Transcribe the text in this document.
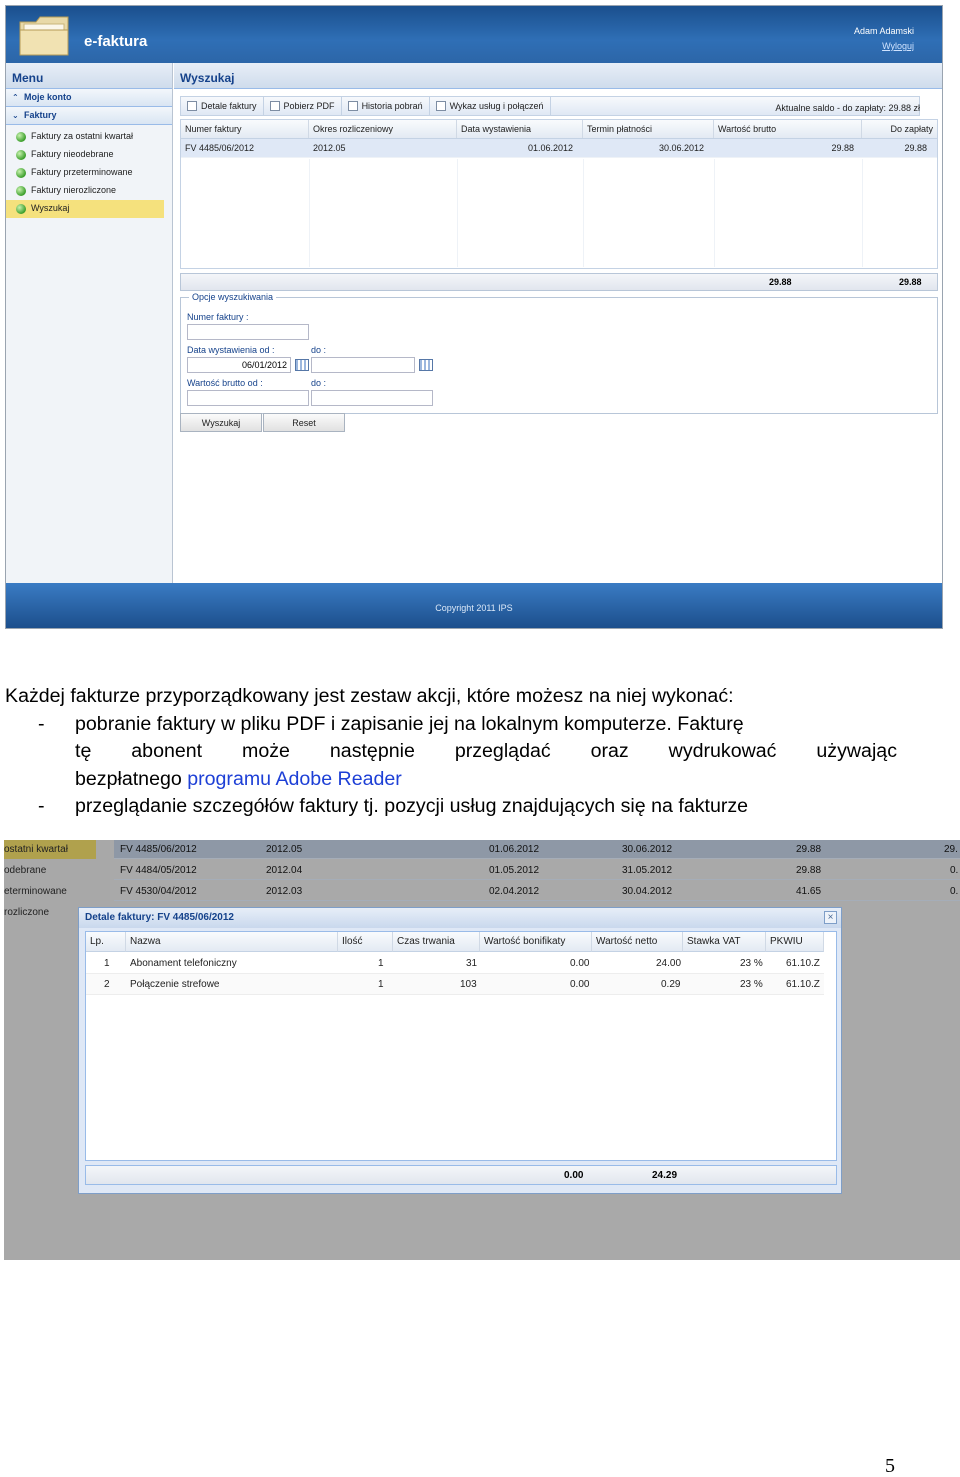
e-faktura
Adam Adamski
Wyloguj
Menu
⌃ Moje konto
⌄ Faktury
Faktury za ostatni kwartał
Faktury nieodebrane
Faktury przeterminowane
Faktury nierozliczone
Wyszukaj
Wyszukaj
Detale faktury	Pobierz PDF	Historia pobrań	Wykaz usług i połączeń	Aktualne saldo - do zapłaty: 29.88 zł
Numer faktury	Okres rozliczeniowy	Data wystawienia	Termin płatności	Wartość brutto	Do zapłaty
FV 4485/06/2012	2012.05	01.06.2012	30.06.2012	29.88	29.88
29.88	29.88
Opcje wyszukiwania
Numer faktury :
Data wystawienia od :
06/01/2012	do :
Wartość brutto od :	do :
Wyszukaj	Reset
Copyright 2011 IPS
Każdej fakturze przyporządkowany jest zestaw akcji, które możesz na niej wykonać:
- pobranie faktury w pliku PDF i zapisanie jej na lokalnym komputerze. Fakturę
tę abonent może następnie przeglądać oraz wydrukować używając
bezpłatnego programu Adobe Reader
- przeglądanie szczegółów faktury tj. pozycji usług znajdujących się na fakturze
ostatni kwartał
odebrane
eterminowane
rozliczone
FV 4485/06/2012	2012.05	01.06.2012	30.06.2012	29.88	29.
FV 4484/05/2012	2012.04	01.05.2012	31.05.2012	29.88	0.
FV 4530/04/2012	2012.03	02.04.2012	30.04.2012	41.65	0.
Detale faktury: FV 4485/06/2012	×
Lp.	Nazwa	Ilość	Czas trwania	Wartość bonifikaty	Wartość netto	Stawka VAT	PKWIU
1 Abonament telefoniczny	1	31	0.00	24.00	23 % 61.10.Z
2 Połączenie strefowe	1	103	0.00	0.29	23 % 61.10.Z
0.00	24.29
5
